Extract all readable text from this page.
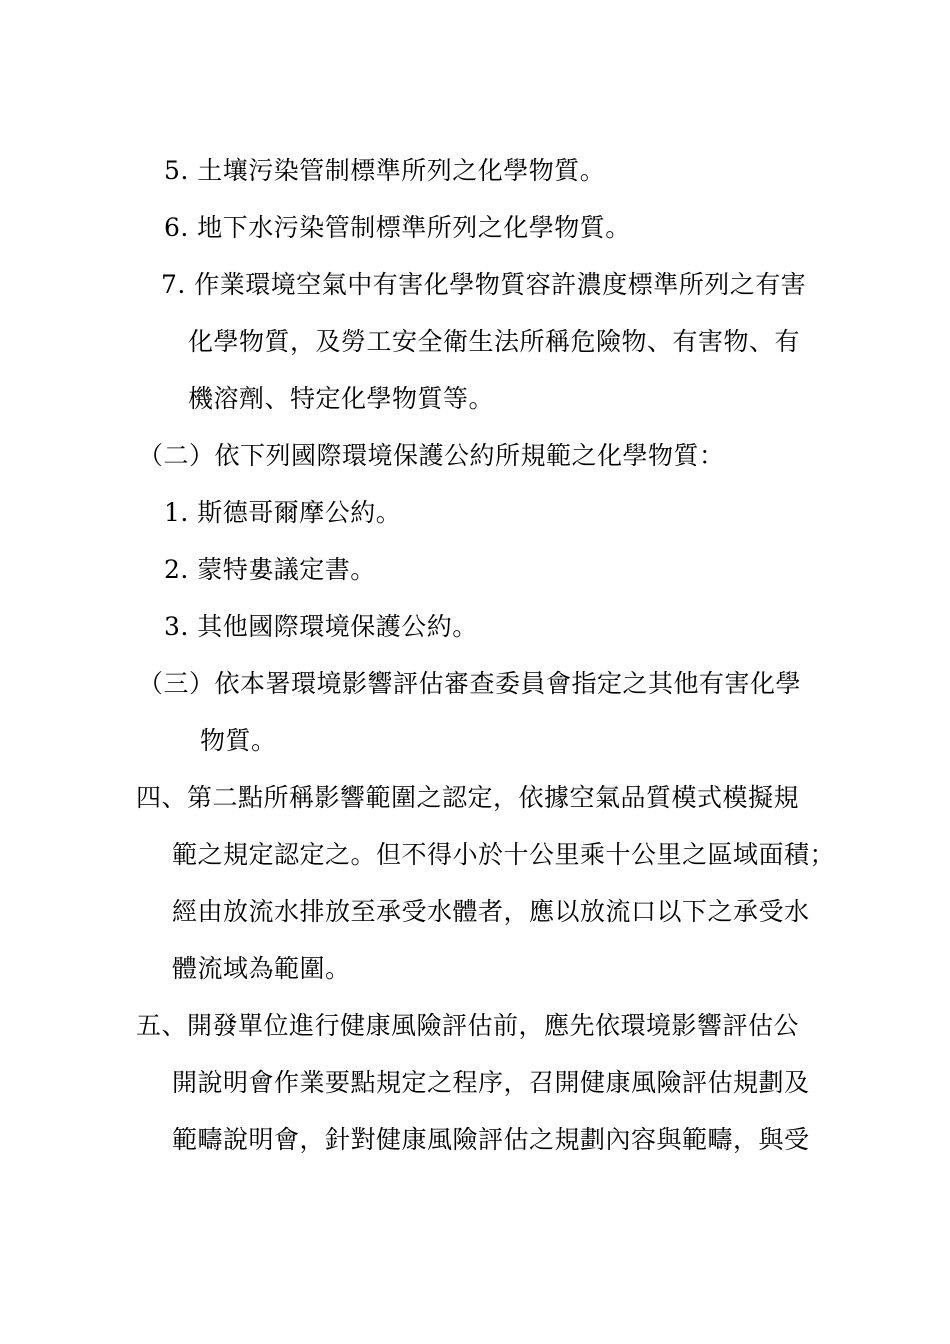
5. 土壤污染管制標準所列之化學物質。
6. 地下水污染管制標準所列之化學物質。
7. 作業環境空氣中有害化學物質容許濃度標準所列之有害
化學物質，及勞工安全衛生法所稱危險物、有害物、有
機溶劑、特定化學物質等。
（二）依下列國際環境保護公約所規範之化學物質：
1. 斯德哥爾摩公約。
2. 蒙特婁議定書。
3. 其他國際環境保護公約。
（三）依本署環境影響評估審查委員會指定之其他有害化學
物質。
四、第二點所稱影響範圍之認定，依據空氣品質模式模擬規
範之規定認定之。但不得小於十公里乘十公里之區域面積；
經由放流水排放至承受水體者，應以放流口以下之承受水
體流域為範圍。
五、開發單位進行健康風險評估前，應先依環境影響評估公
開說明會作業要點規定之程序，召開健康風險評估規劃及
範疇說明會，針對健康風險評估之規劃內容與範疇，與受
